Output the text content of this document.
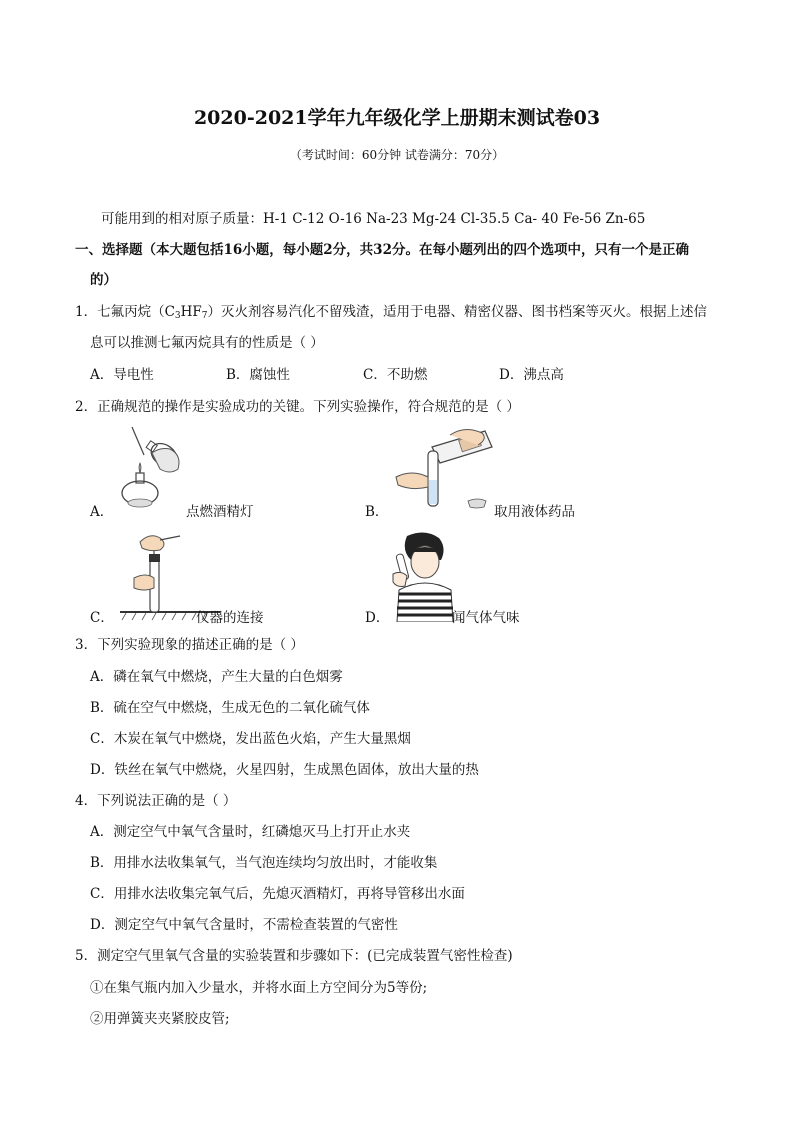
2020-2021学年九年级化学上册期末测试卷03
（考试时间：60分钟 试卷满分：70分）
可能用到的相对原子质量：H-1 C-12 O-16 Na-23 Mg-24 Cl-35.5 Ca- 40 Fe-56 Zn-65
一、选择题（本大题包括16小题，每小题2分，共32分。在每小题列出的四个选项中，只有一个是正确
的）
1．七氟丙烷$(C_3HF_7)$灭火剂容易汽化不留残渣，适用于电器、精密仪器、图书档案等灭火。根据上述信
息可以推测七氟丙烷具有的性质是（ ）
A．导电性	B．腐蚀性	C．不助燃	D．沸点高
2．正确规范的操作是实验成功的关键。下列实验操作，符合规范的是（ ）
A．	点燃酒精灯	B．	取用液体药品
C．	仪器的连接	D．	闻气体气味
3．下列实验现象的描述正确的是（ ）
A．磷在氧气中燃烧，产生大量的白色烟雾
B．硫在空气中燃烧，生成无色的二氧化硫气体
C．木炭在氧气中燃烧，发出蓝色火焰，产生大量黑烟
D．铁丝在氧气中燃烧，火星四射，生成黑色固体，放出大量的热
4．下列说法正确的是（ ）
A．测定空气中氧气含量时，红磷熄灭马上打开止水夹
B．用排水法收集氧气，当气泡连续均匀放出时，才能收集
C．用排水法收集完氧气后，先熄灭酒精灯，再将导管移出水面
D．测定空气中氧气含量时，不需检查装置的气密性
5．测定空气里氧气含量的实验装置和步骤如下：(已完成装置气密性检查)
①在集气瓶内加入少量水，并将水面上方空间分为5等份;
②用弹簧夹夹紧胶皮管;
